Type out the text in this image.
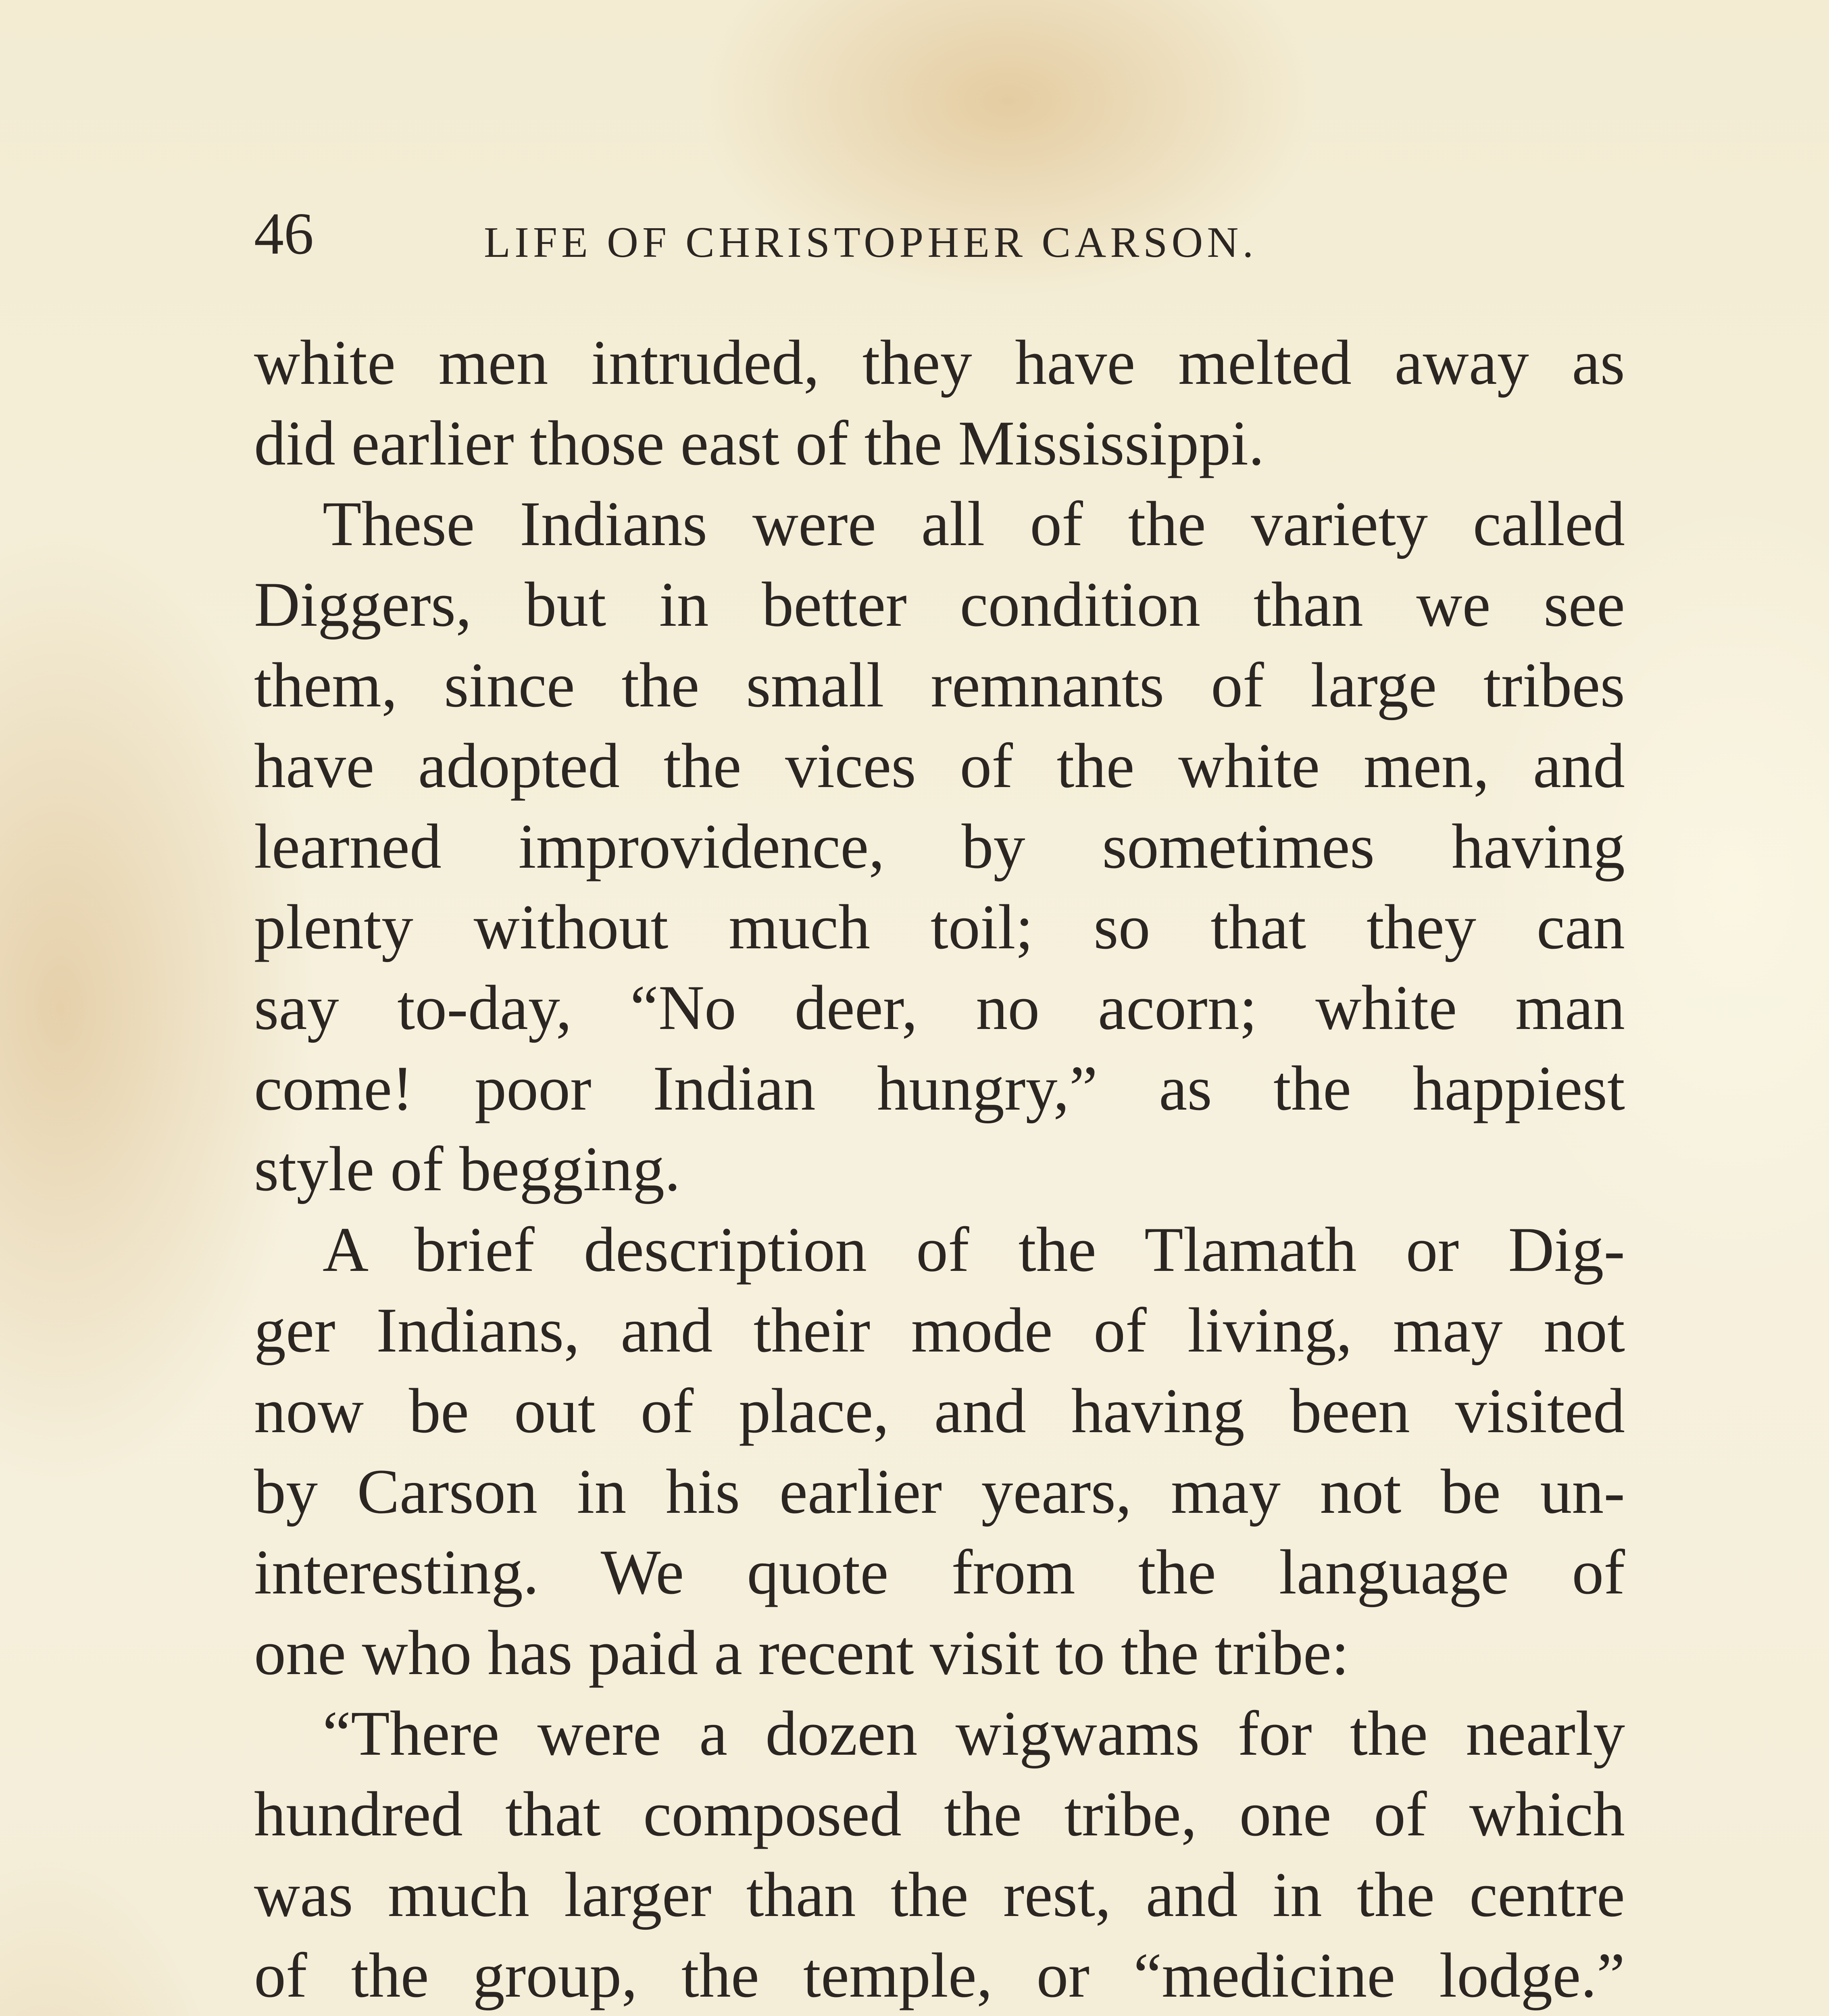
46	LIFE OF CHRISTOPHER CARSON.
white men intruded, they have melted away as
did earlier those east of the Mississippi.
These Indians were all of the variety called
Diggers, but in better condition than we see
them, since the small remnants of large tribes
have adopted the vices of the white men, and
learned improvidence, by sometimes having
plenty without much toil; so that they can
say to-day, “No deer, no acorn; white man
come! poor Indian hungry,” as the happiest
style of begging.
A brief description of the Tlamath or Dig-
ger Indians, and their mode of living, may not
now be out of place, and having been visited
by Carson in his earlier years, may not be un-
interesting. We quote from the language of
one who has paid a recent visit to the tribe:
“There were a dozen wigwams for the nearly
hundred that composed the tribe, one of which
was much larger than the rest, and in the centre
of the group, the temple, or “medicine lodge.”
